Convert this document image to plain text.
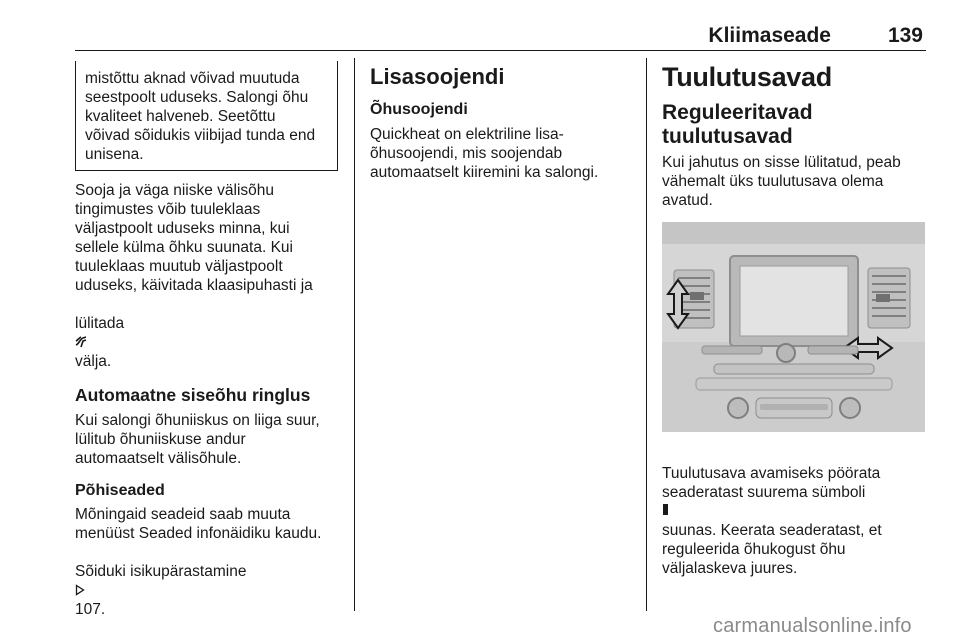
Kliimaseade	139

mistõttu aknad võivad muutuda
seestpoolt uduseks. Salongi õhu
kvaliteet halveneb. Seetõttu
võivad sõidukis viibijad tunda end
unisena.

Sooja ja väga niiske välisõhu
tingimustes võib tuuleklaas
väljastpoolt uduseks minna, kui
sellele külma õhku suunata. Kui
tuuleklaas muutub väljastpoolt
uduseks, käivitada klaasipuhasti ja

lülitada

välja.

Automaatne siseõhu ringlus

Kui salongi õhuniiskus on liiga suur,
lülitub õhuniiskuse andur
automaatselt välisõhule.

Põhiseaded

Mõningaid seadeid saab muuta
menüüst Seaded infonäidiku kaudu.

Sõiduki isikupärastamine

107.

Lisasoojendi

Õhusoojendi

Quickheat on elektriline lisa-
õhusoojendi, mis soojendab
automaatselt kiiremini ka salongi.

Tuulutusavad

Reguleeritavad
tuulutusavad

Kui jahutus on sisse lülitatud, peab
vähemalt üks tuulutusava olema
avatud.

Tuulutusava avamiseks pöörata
seaderatast suurema sümboli

suunas. Keerata seaderatast, et
reguleerida õhukogust õhu
väljalaskeva juures.

carmanualsonline.info
